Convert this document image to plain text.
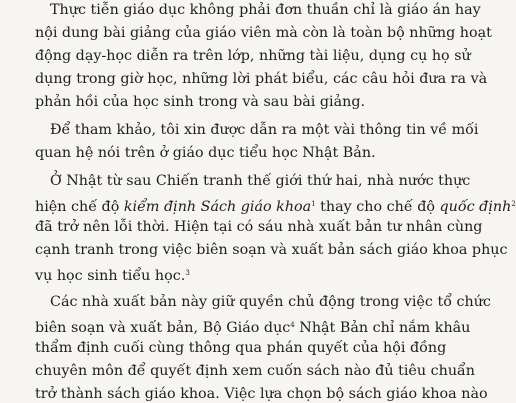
Thực tiễn giáo dục không phải đơn thuần chỉ là giáo án hay
nội dung bài giảng của giáo viên mà còn là toàn bộ những hoạt
động dạy-học diễn ra trên lớp, những tài liệu, dụng cụ họ sử
dụng trong giờ học, những lời phát biểu, các câu hỏi đưa ra và
phản hồi của học sinh trong và sau bài giảng.
Để tham khảo, tôi xin được dẫn ra một vài thông tin về mối
quan hệ nói trên ở giáo dục tiểu học Nhật Bản.
Ở Nhật từ sau Chiến tranh thế giới thứ hai, nhà nước thực
hiện chế độ kiểm định Sách giáo khoa$^1$ thay cho chế độ quốc định$^2$
đã trở nên lỗi thời. Hiện tại có sáu nhà xuất bản tư nhân cùng
cạnh tranh trong việc biên soạn và xuất bản sách giáo khoa phục
vụ học sinh tiểu học.$^3$
Các nhà xuất bản này giữ quyền chủ động trong việc tổ chức
biên soạn và xuất bản, Bộ Giáo dục$^4$ Nhật Bản chỉ nắm khâu
thẩm định cuối cùng thông qua phán quyết của hội đồng
chuyên môn để quyết định xem cuốn sách nào đủ tiêu chuẩn
trở thành sách giáo khoa. Việc lựa chọn bộ sách giáo khoa nào
